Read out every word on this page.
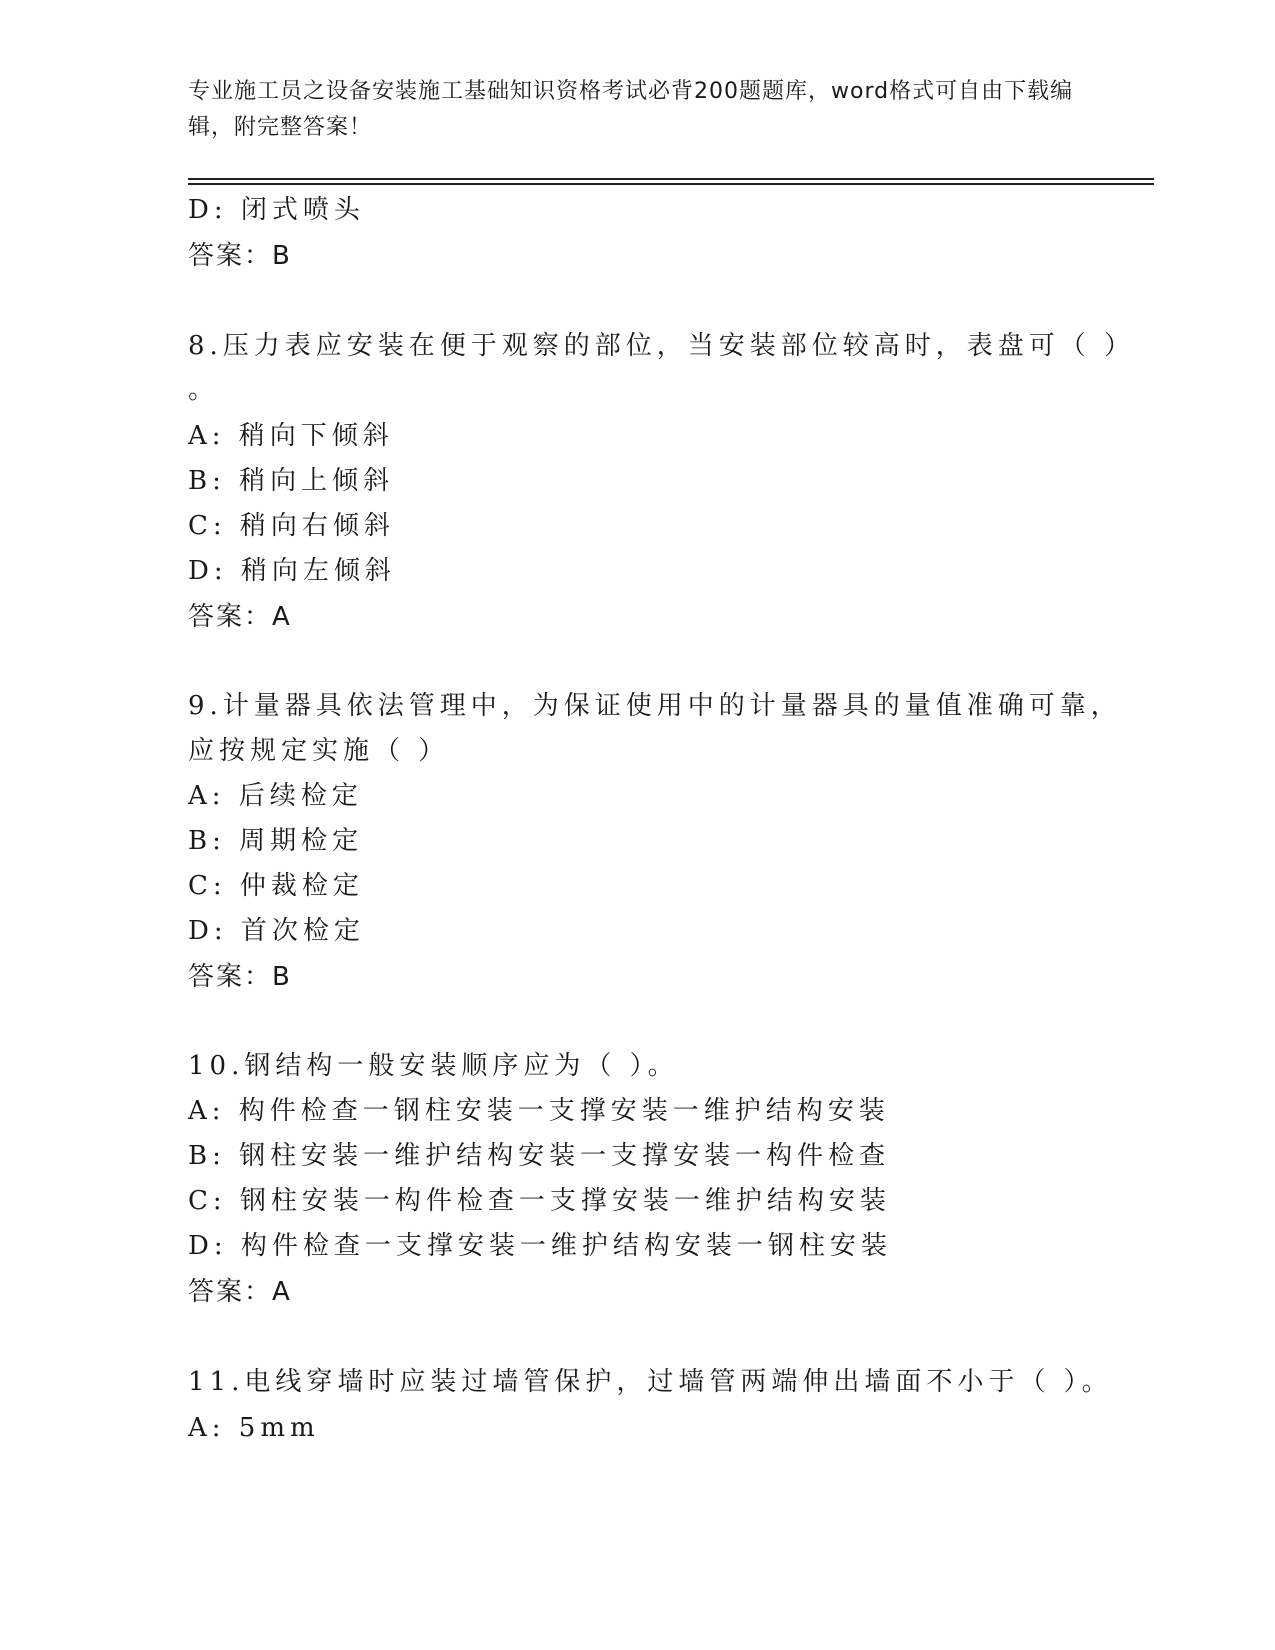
专业施工员之设备安装施工基础知识资格考试必背200题题库，word格式可自由下载编辑，附完整答案！
D: 闭式喷头
答案：B
8.压力表应安装在便于观察的部位，当安装部位较高时，表盘可（ ）
。
A: 稍向下倾斜
B: 稍向上倾斜
C: 稍向右倾斜
D: 稍向左倾斜
答案：A
9.计量器具依法管理中，为保证使用中的计量器具的量值准确可靠，
应按规定实施（ ）
A: 后续检定
B: 周期检定
C: 仲裁检定
D: 首次检定
答案：B
10.钢结构一般安装顺序应为（ ）。
A: 构件检查一钢柱安装一支撑安装一维护结构安装
B: 钢柱安装一维护结构安装一支撑安装一构件检查
C: 钢柱安装一构件检查一支撑安装一维护结构安装
D: 构件检查一支撑安装一维护结构安装一钢柱安装
答案：A
11.电线穿墙时应装过墙管保护，过墙管两端伸出墙面不小于（ ）。
A: 5mm
